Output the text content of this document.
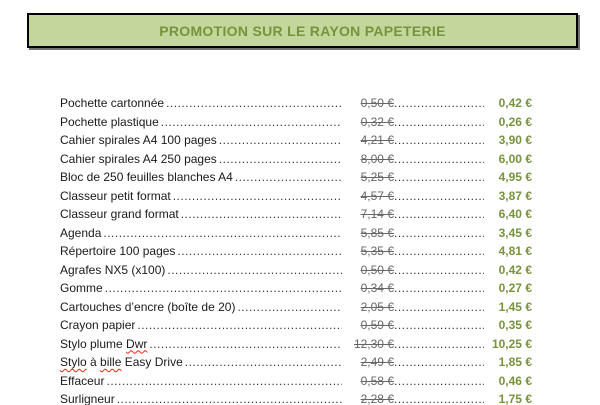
PROMOTION SUR LE RAYON PAPETERIE
Pochette cartonnée .....	0,50 € .....	0,42 €
Pochette plastique .....	0,32 € .....	0,26 €
Cahier spirales A4 100 pages .....	4,21 € .....	3,90 €
Cahier spirales A4 250 pages .....	8,00 € .....	6,00 €
Bloc de 250 feuilles blanches A4 .....	5,25 € .....	4,95 €
Classeur petit format .....	4,57 € .....	3,87 €
Classeur grand format .....	7,14 € .....	6,40 €
Agenda .....	5,85 € .....	3,45 €
Répertoire 100 pages .....	5,35 € .....	4,81 €
Agrafes NX5 (x100) .....	0,50 € .....	0,42 €
Gomme .....	0,34 € .....	0,27 €
Cartouches d’encre (boîte de 20) .....	2,05 € .....	1,45 €
Crayon papier .....	0,59 € .....	0,35 €
Stylo plume Dwr .....	12,30 € .....	10,25 €
Stylo à bille Easy Drive .....	2,49 € .....	1,85 €
Effaceur .....	0,58 € .....	0,46 €
Surligneur .....	2,28 € .....	1,75 €
